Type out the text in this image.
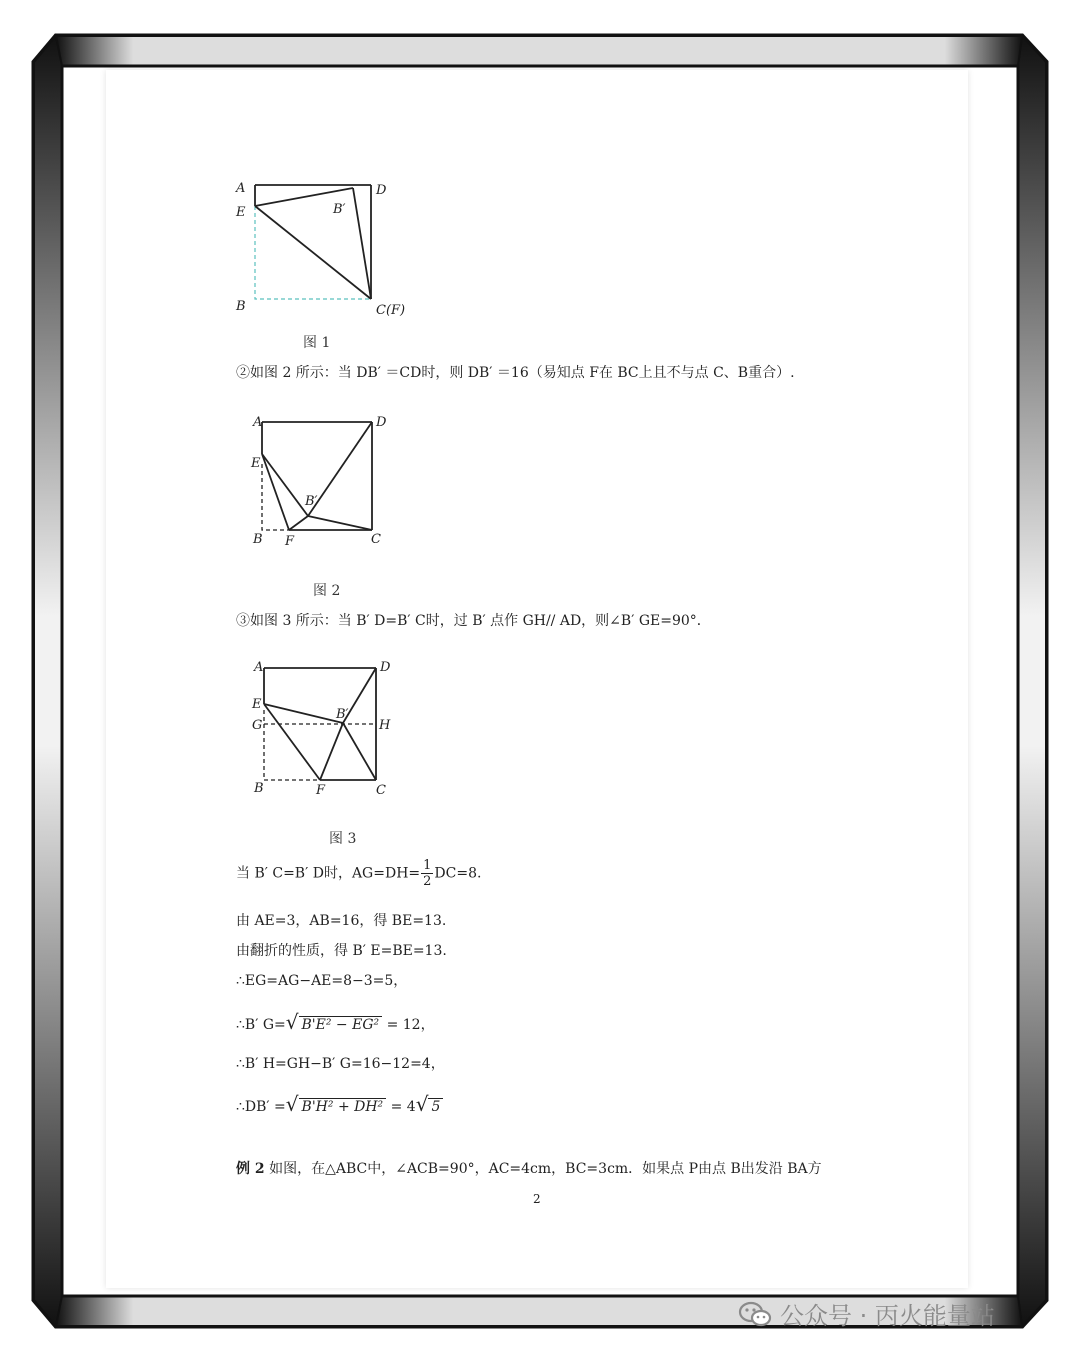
A	D
E	B′
B	C(F)
图 1
②如图 2 所示：当 DB′ ＝CD时，则 DB′ ＝16（易知点 F在 BC上且不与点 C、B重合）.
A	D
E
B′
B F	C
图 2
③如图 3 所示：当 B′ D=B′ C时，过 B′ 点作 GH// AD，则∠B′ GE=90°．
A	D
E
G
B′
H
B	F	C
图 3
当 B′ C=B′ D时，$AG=DH= \frac{1}{2} DC=8$.
由 AE=3，AB=16，得 BE=13.
由翻折的性质，得 B′ E=BE=13.
∴EG=AG−AE=8−3=5，
∴B′ G=√ B'E² − EG² = 12，
∴B′ H=GH−B′ G=16−12=4，
∴DB′ =√ B'H² + DH² = 4√ 5
例 2 如图，在△ABC中，∠ACB=90°，AC=4cm，BC=3cm．如果点 P由点 B出发沿 BA方
2
公众号 · 丙火能量站
